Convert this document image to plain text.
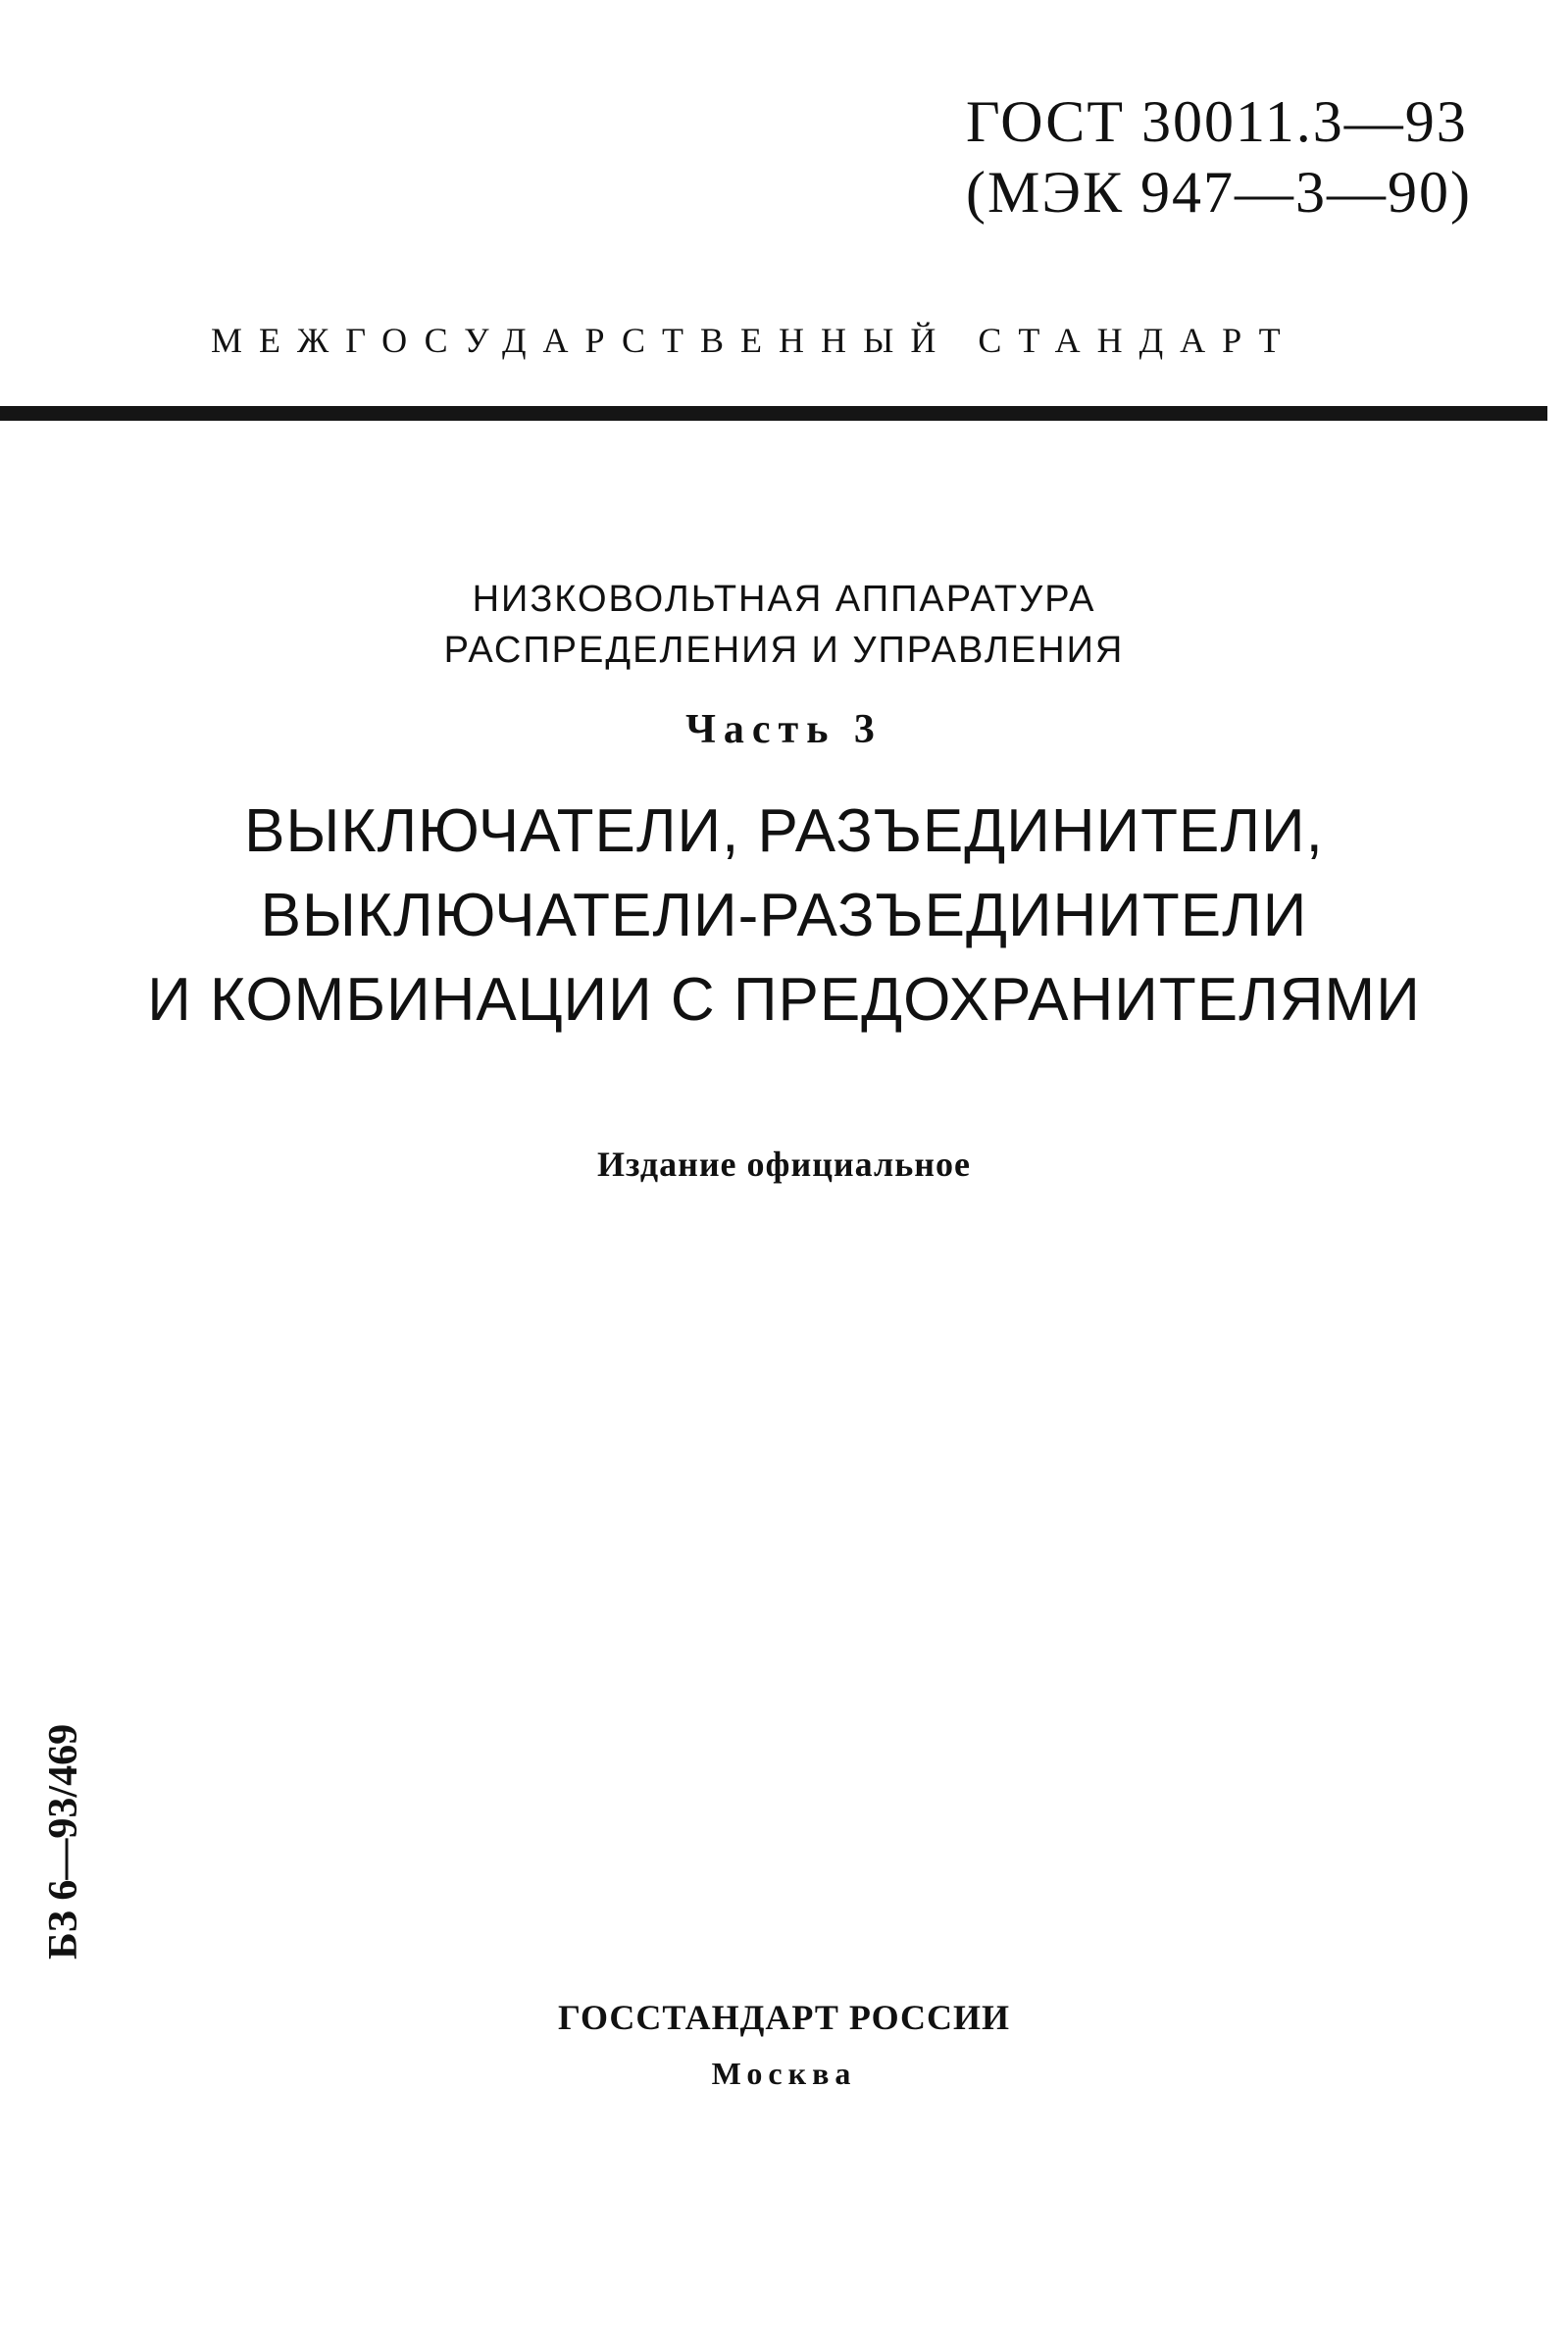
ГОСТ 30011.3—93
(МЭК 947—3—90)
МЕЖГОСУДАРСТВЕННЫЙ СТАНДАРТ
НИЗКОВОЛЬТНАЯ АППАРАТУРА
РАСПРЕДЕЛЕНИЯ И УПРАВЛЕНИЯ
Часть 3
ВЫКЛЮЧАТЕЛИ, РАЗЪЕДИНИТЕЛИ,
ВЫКЛЮЧАТЕЛИ-РАЗЪЕДИНИТЕЛИ
И КОМБИНАЦИИ С ПРЕДОХРАНИТЕЛЯМИ
Издание официальное
БЗ 6—93/469
ГОССТАНДАРТ РОССИИ
Москва
